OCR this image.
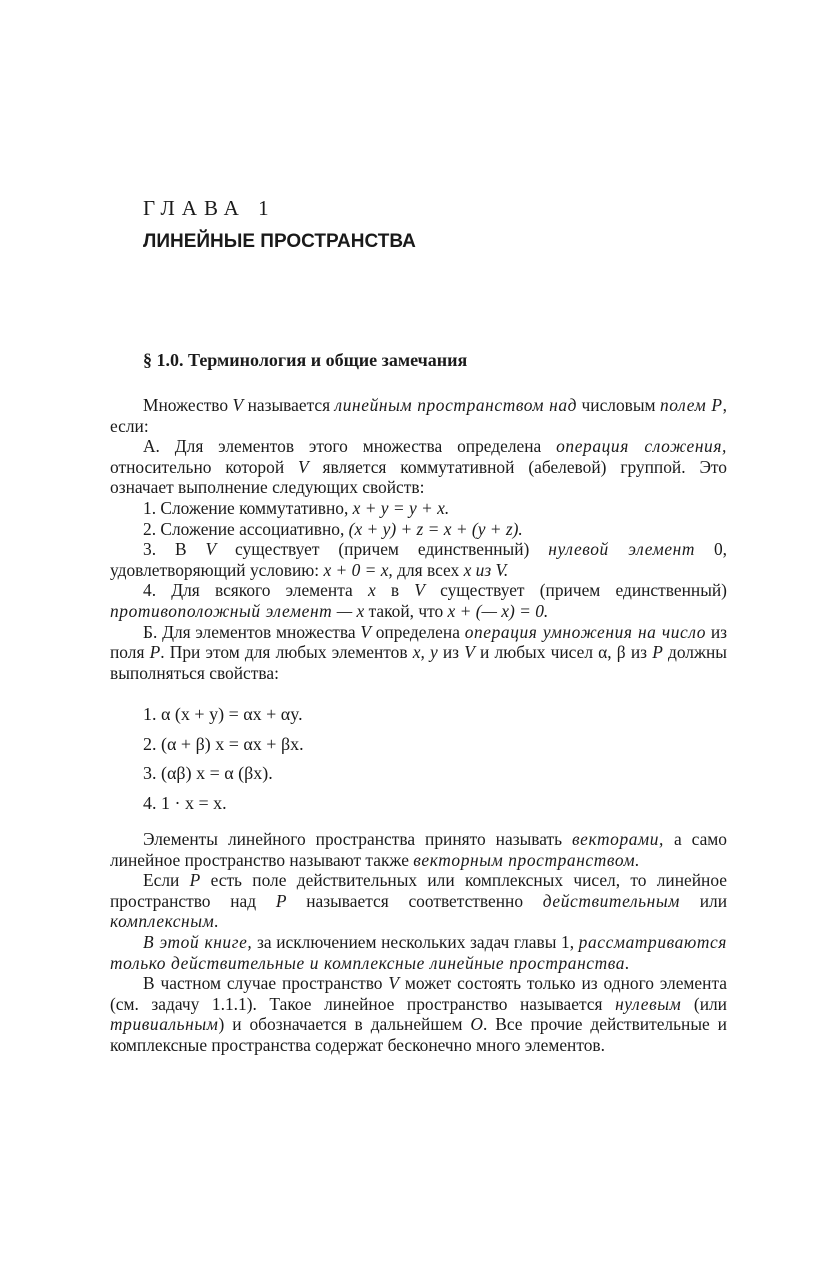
ГЛАВА 1
ЛИНЕЙНЫЕ ПРОСТРАНСТВА
§ 1.0. Терминология и общие замечания

Множество V называется линейным пространством над числовым полем P, если:

А. Для элементов этого множества определена операция сложения, относительно которой V является коммутативной (абелевой) группой. Это означает выполнение следующих свойств:

1. Сложение коммутативно, x + y = y + x.

2. Сложение ассоциативно, (x + y) + z = x + (y + z).

3. В V существует (причем единственный) нулевой элемент 0, удовлетворяющий условию: x + 0 = x, для всех x из V.

4. Для всякого элемента x в V существует (причем единственный) противоположный элемент — x такой, что x + (— x) = 0.

Б. Для элементов множества V определена операция умножения на число из поля P. При этом для любых элементов x, y из V и любых чисел α, β из P должны выполняться свойства:

1. α (x + y) = αx + αy.
2. (α + β) x = αx + βx.
3. (αβ) x = α (βx).
4. 1 · x = x.

Элементы линейного пространства принято называть векторами, а само линейное пространство называют также векторным пространством.

Если P есть поле действительных или комплексных чисел, то линейное пространство над P называется соответственно действительным или комплексным.

В этой книге, за исключением нескольких задач главы 1, рассматриваются только действительные и комплексные линейные пространства.

В частном случае пространство V может состоять только из одного элемента (см. задачу 1.1.1). Такое линейное пространство называется нулевым (или тривиальным) и обозначается в дальнейшем O. Все прочие действительные и комплексные пространства содержат бесконечно много элементов.
